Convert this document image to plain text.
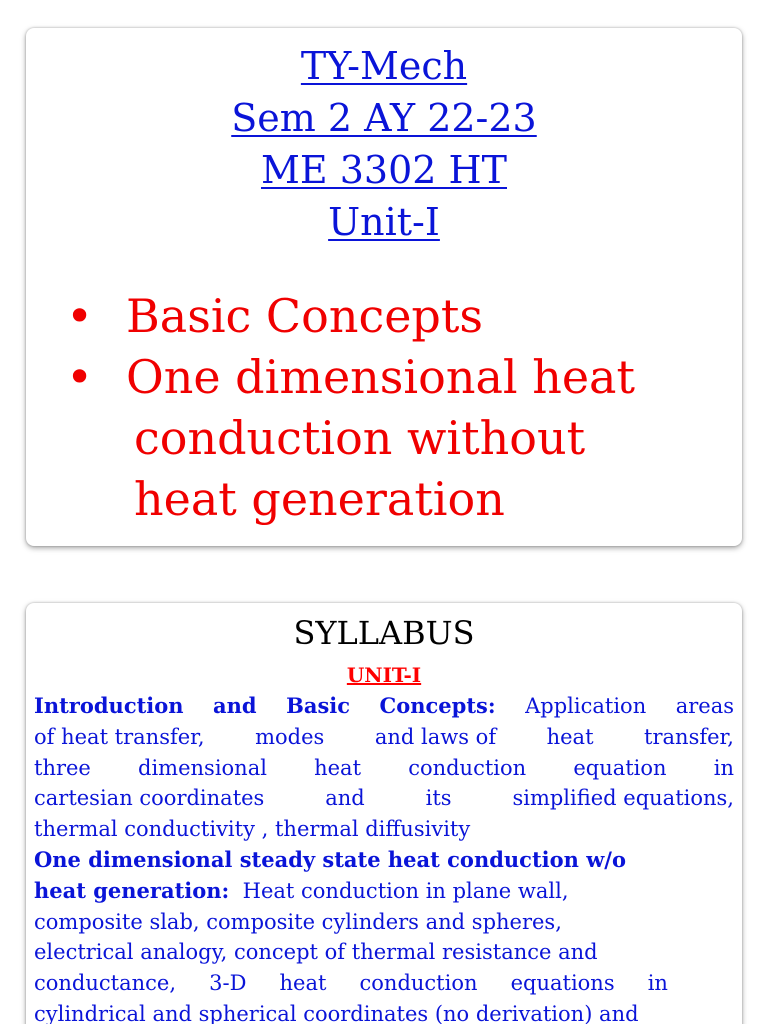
TY-Mech
Sem 2 AY 22-23
ME 3302 HT
Unit-I
• Basic Concepts
• One dimensional heat
conduction without
heat generation
SYLLABUS
UNIT-I
Introduction and Basic Concepts: Application areas
of heat transfer, modes and laws of heat transfer,
three dimensional heat conduction equation in
cartesian coordinates	and	its	simplified equations,
thermal conductivity , thermal diffusivity
One dimensional steady state heat conduction w/o
heat generation: Heat conduction in plane wall,
composite slab, composite cylinders and spheres,
electrical analogy, concept of thermal resistance and
conductance, 3-D heat conduction equations in
cylindrical and spherical coordinates (no derivation) and
